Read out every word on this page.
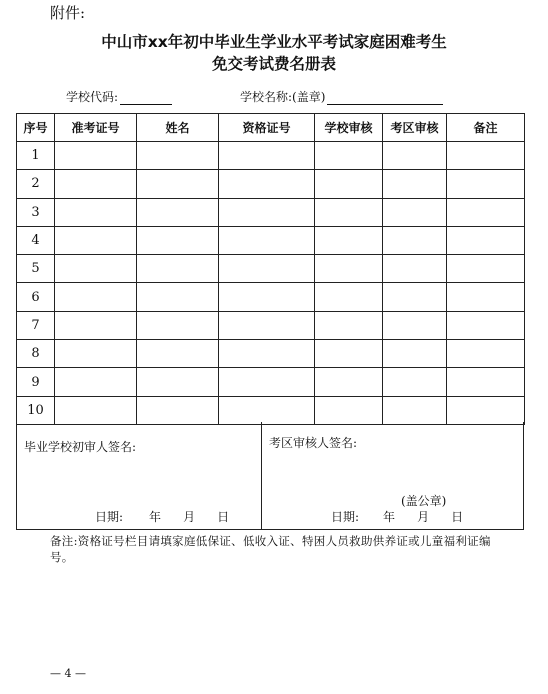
附件:
中山市xx年初中毕业生学业水平考试家庭困难考生
免交考试费名册表
学校代码:	学校名称:(盖章)
序号	准考证号	姓名	资格证号	学校审核	考区审核	备注
1						
2						
3						
4						
5						
6						
7						
8						
9						
10						
毕业学校初审人签名:	考区审核人签名:
(盖公章)
日期: 年 月 日	日期: 年 月 日
备注:资格证号栏目请填家庭低保证、低收入证、特困人员救助供养证或儿童福利证编号。
— 4 —
